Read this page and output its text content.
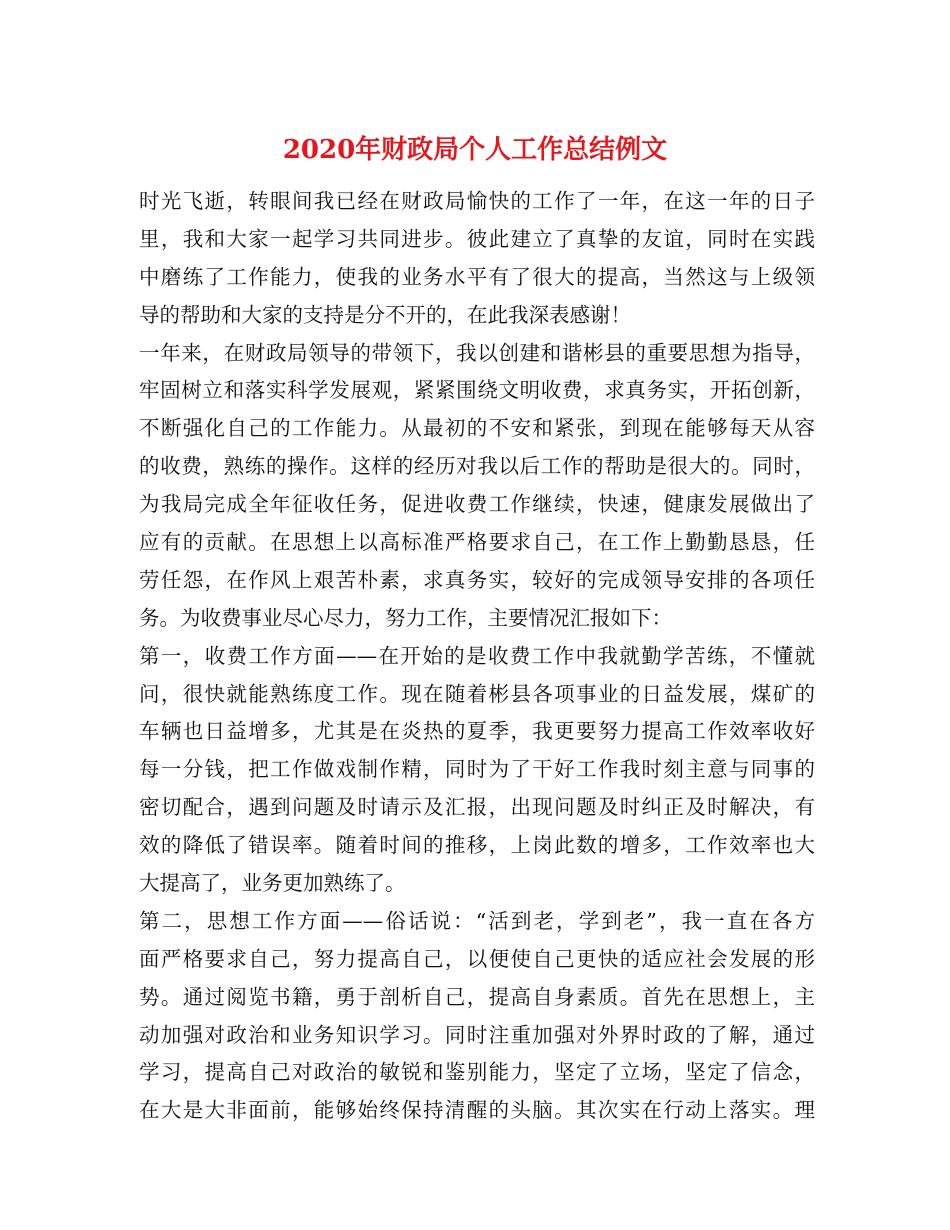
2020年财政局个人工作总结例文
时光飞逝，转眼间我已经在财政局愉快的工作了一年，在这一年的日子
里，我和大家一起学习共同进步。彼此建立了真挚的友谊，同时在实践
中磨练了工作能力，使我的业务水平有了很大的提高，当然这与上级领
导的帮助和大家的支持是分不开的，在此我深表感谢！
一年来，在财政局领导的带领下，我以创建和谐彬县的重要思想为指导，
牢固树立和落实科学发展观，紧紧围绕文明收费，求真务实，开拓创新，
不断强化自己的工作能力。从最初的不安和紧张，到现在能够每天从容
的收费，熟练的操作。这样的经历对我以后工作的帮助是很大的。同时，
为我局完成全年征收任务，促进收费工作继续，快速，健康发展做出了
应有的贡献。在思想上以高标准严格要求自己，在工作上勤勤恳恳，任
劳任怨，在作风上艰苦朴素，求真务实，较好的完成领导安排的各项任
务。为收费事业尽心尽力，努力工作，主要情况汇报如下：
第一，收费工作方面——在开始的是收费工作中我就勤学苦练，不懂就
问，很快就能熟练度工作。现在随着彬县各项事业的日益发展，煤矿的
车辆也日益增多，尤其是在炎热的夏季，我更要努力提高工作效率收好
每一分钱，把工作做戏制作精，同时为了干好工作我时刻主意与同事的
密切配合，遇到问题及时请示及汇报，出现问题及时纠正及时解决，有
效的降低了错误率。随着时间的推移，上岗此数的增多，工作效率也大
大提高了，业务更加熟练了。
第二，思想工作方面——俗话说：“活到老，学到老”，我一直在各方
面严格要求自己，努力提高自己，以便使自己更快的适应社会发展的形
势。通过阅览书籍，勇于剖析自己，提高自身素质。首先在思想上，主
动加强对政治和业务知识学习。同时注重加强对外界时政的了解，通过
学习，提高自己对政治的敏锐和鉴别能力，坚定了立场，坚定了信念，
在大是大非面前，能够始终保持清醒的头脑。其次实在行动上落实。理
